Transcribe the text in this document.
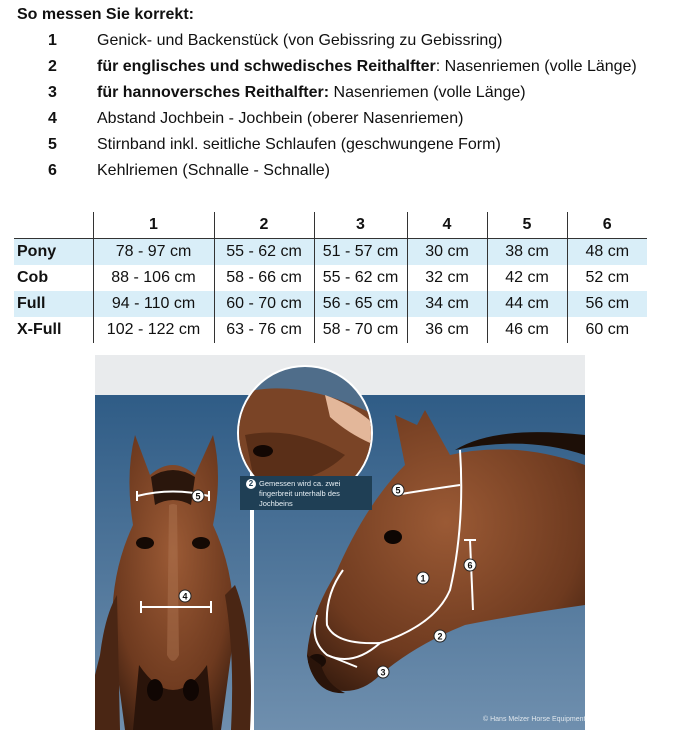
So messen Sie korrekt:
1	Genick- und Backenstück (von Gebissring zu Gebissring)
2	für englisches und schwedisches Reithalfter: Nasenriemen (volle Länge)
3	für hannoversches Reithalfter: Nasenriemen (volle Länge)
4	Abstand Jochbein - Jochbein (oberer Nasenriemen)
5	Stirnband inkl. seitliche Schlaufen (geschwungene Form)
6	Kehlriemen (Schnalle - Schnalle)
	1	2	3	4	5	6
Pony	78 - 97 cm	55 - 62 cm	51 - 57 cm	30 cm	38 cm	48 cm
Cob	88 - 106 cm	58 - 66 cm	55 - 62 cm	32 cm	42 cm	52 cm
Full	94 - 110 cm	60 - 70 cm	56 - 65 cm	34 cm	44 cm	56 cm
X-Full	102 - 122 cm	63 - 76 cm	58 - 70 cm	36 cm	46 cm	60 cm
5
4
5
1
6
2
3
2 Gemessen wird ca. zwei fingerbreit unterhalb des Jochbeins
© Hans Melzer Horse Equipment
